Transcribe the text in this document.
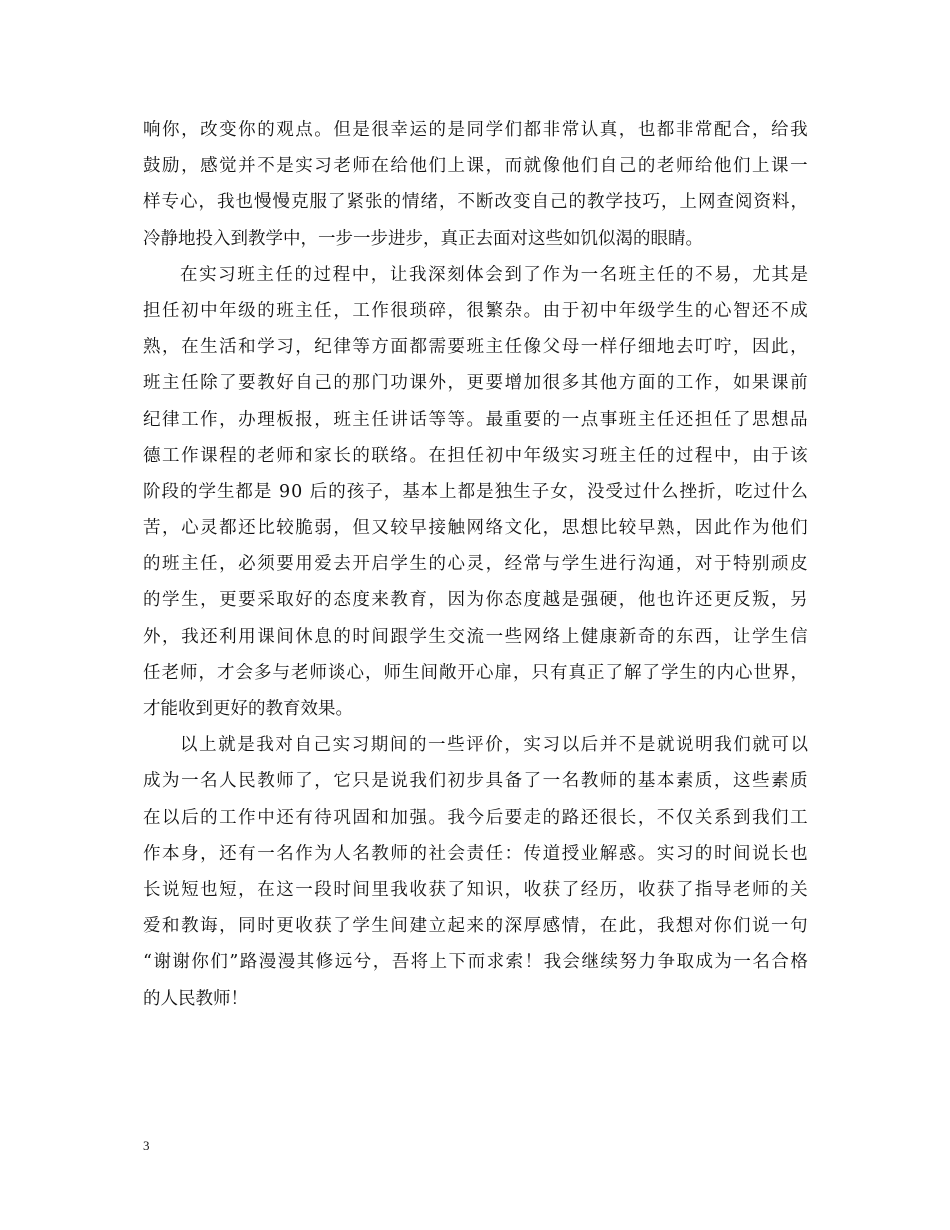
响 你 ， 改 变 你 的 观 点 。 但 是 很 幸 运 的 是 同 学 们 都 非 常 认 真 ， 也 都 非 常 配 合 ， 给 我
鼓 励 ， 感 觉 并 不 是 实 习 老 师 在 给 他 们 上 课 ， 而 就 像 他 们 自 己 的 老 师 给 他 们 上 课 一
样 专 心 ， 我 也 慢 慢 克 服 了 紧 张 的 情 绪 ， 不 断 改 变 自 己 的 教 学 技 巧 ， 上 网 查 阅 资 料 ，
冷静地投入到教学中，一步一步进步，真正去面对这些如饥似渴的眼睛。
在 实 习 班 主 任 的 过 程 中 ， 让 我 深 刻 体 会 到 了 作 为 一 名 班 主 任 的 不 易 ， 尤 其 是
担 任 初 中 年 级 的 班 主 任 ， 工 作 很 琐 碎 ， 很 繁 杂 。 由 于 初 中 年 级 学 生 的 心 智 还 不 成
熟 ， 在 生 活 和 学 习 ， 纪 律 等 方 面 都 需 要 班 主 任 像 父 母 一 样 仔 细 地 去 叮 咛 ， 因 此 ，
班 主 任 除 了 要 教 好 自 己 的 那 门 功 课 外 ， 更 要 增 加 很 多 其 他 方 面 的 工 作 ， 如 果 课 前
纪 律 工 作 ， 办 理 板 报 ， 班 主 任 讲 话 等 等 。 最 重 要 的 一 点 事 班 主 任 还 担 任 了 思 想 品
德 工 作 课 程 的 老 师 和 家 长 的 联 络 。 在 担 任 初 中 年 级 实 习 班 主 任 的 过 程 中 ， 由 于 该
阶 段 的 学 生 都 是
9 0
后 的 孩 子 ， 基 本 上 都 是 独 生 子 女 ， 没 受 过 什 么 挫 折 ， 吃 过 什 么
苦 ， 心 灵 都 还 比 较 脆 弱 ， 但 又 较 早 接 触 网 络 文 化 ， 思 想 比 较 早 熟 ， 因 此 作 为 他 们
的 班 主 任 ， 必 须 要 用 爱 去 开 启 学 生 的 心 灵 ， 经 常 与 学 生 进 行 沟 通 ， 对 于 特 别 顽 皮
的 学 生 ， 更 要 采 取 好 的 态 度 来 教 育 ， 因 为 你 态 度 越 是 强 硬 ， 他 也 许 还 更 反 叛 ， 另
外 ， 我 还 利 用 课 间 休 息 的 时 间 跟 学 生 交 流 一 些 网 络 上 健 康 新 奇 的 东 西 ， 让 学 生 信
任 老 师 ， 才 会 多 与 老 师 谈 心 ， 师 生 间 敞 开 心 扉 ， 只 有 真 正 了 解 了 学 生 的 内 心 世 界 ，
才能收到更好的教育效果。
以 上 就 是 我 对 自 己 实 习 期 间 的 一 些 评 价 ， 实 习 以 后 并 不 是 就 说 明 我 们 就 可 以
成 为 一 名 人 民 教 师 了 ， 它 只 是 说 我 们 初 步 具 备 了 一 名 教 师 的 基 本 素 质 ， 这 些 素 质
在 以 后 的 工 作 中 还 有 待 巩 固 和 加 强 。 我 今 后 要 走 的 路 还 很 长 ， 不 仅 关 系 到 我 们 工
作 本 身 ， 还 有 一 名 作 为 人 名 教 师 的 社 会 责 任 ： 传 道 授 业 解 惑 。 实 习 的 时 间 说 长 也
长 说 短 也 短 ， 在 这 一 段 时 间 里 我 收 获 了 知 识 ， 收 获 了 经 历 ， 收 获 了 指 导 老 师 的 关
爱 和 教 诲 ， 同 时 更 收 获 了 学 生 间 建 立 起 来 的 深 厚 感 情 ， 在 此 ， 我 想 对 你 们 说 一 句
“ 谢 谢 你 们 ” 路 漫 漫 其 修 远 兮 ， 吾 将 上 下 而 求 索 ！ 我 会 继 续 努 力 争 取 成 为 一 名 合 格
的人民教师！
3
